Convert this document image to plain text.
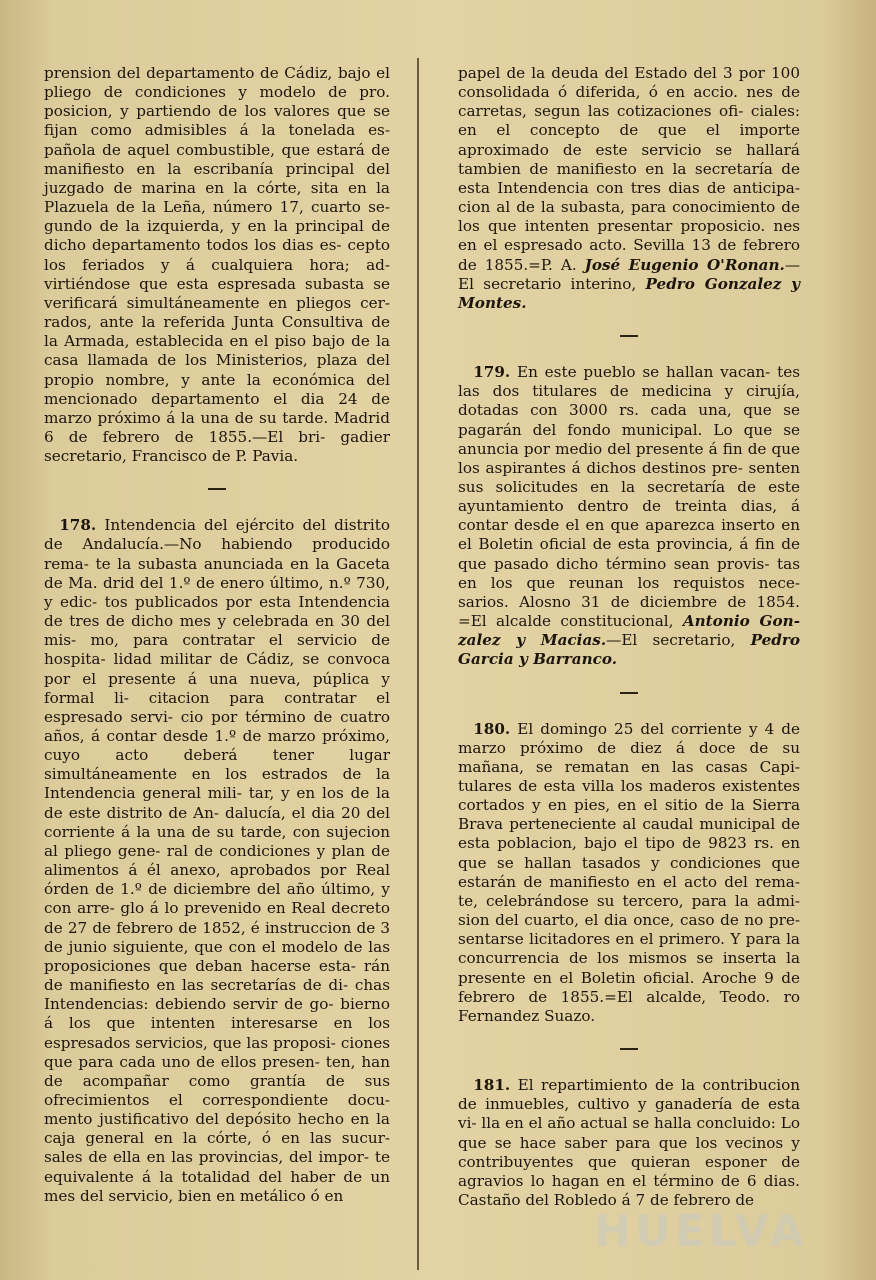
prension del departamento de Cádiz, bajo el pliego de condiciones y modelo de pro. posicion, y partiendo de los valores que se fijan como admisibles á la tonelada es- pañola de aquel combustible, que estará de manifiesto en la escribanía principal del juzgado de marina en la córte, sita en la Plazuela de la Leña, número 17, cuarto se- gundo de la izquierda, y en la principal de dicho departamento todos los dias es- cepto los feriados y á cualquiera hora; ad- virtiéndose que esta espresada subasta se verificará simultáneamente en pliegos cer- rados, ante la referida Junta Consultiva de la Armada, establecida en el piso bajo de la casa llamada de los Ministerios, plaza del propio nombre, y ante la económica del mencionado departamento el dia 24 de marzo próximo á la una de su tarde. Madrid 6 de febrero de 1855.—El bri- gadier secretario, Francisco de P. Pavia.

 178. Intendencia del ejército del distrito de Andalucía.—No habiendo producido rema- te la subasta anunciada en la Gaceta de Ma. drid del 1.º de enero último, n.º 730, y edic- tos publicados por esta Intendencia de tres de dicho mes y celebrada en 30 del mis- mo, para contratar el servicio de hospita- lidad militar de Cádiz, se convoca por el presente á una nueva, púplica y formal li- citacion para contratar el espresado servi- cio por término de cuatro años, á contar desde 1.º de marzo próximo, cuyo acto deberá tener lugar simultáneamente en los estrados de la Intendencia general mili- tar, y en los de la de este distrito de An- dalucía, el dia 20 del corriente á la una de su tarde, con sujecion al pliego gene- ral de condiciones y plan de alimentos á él anexo, aprobados por Real órden de 1.º de diciembre del año último, y con arre- glo á lo prevenido en Real decreto de 27 de febrero de 1852, é instruccion de 3 de junio siguiente, que con el modelo de las proposiciones que deban hacerse esta- rán de manifiesto en las secretarías de di- chas Intendencias: debiendo servir de go- bierno á los que intenten interesarse en los espresados servicios, que las proposi- ciones que para cada uno de ellos presen- ten, han de acompañar como grantía de sus ofrecimientos el correspondiente docu- mento justificativo del depósito hecho en la caja general en la córte, ó en las sucur- sales de ella en las provincias, del impor- te equivalente á la totalidad del haber de un mes del servicio, bien en metálico ó en

papel de la deuda del Estado del 3 por 100 consolidada ó diferida, ó en accio. nes de carretas, segun las cotizaciones ofi- ciales: en el concepto de que el importe aproximado de este servicio se hallará tambien de manifiesto en la secretaría de esta Intendencia con tres dias de anticipa- cion al de la subasta, para conocimiento de los que intenten presentar proposicio. nes en el espresado acto. Sevilla 13 de febrero de 1855.=P. A. José Eugenio O'Ronan.—El secretario interino, Pedro Gonzalez y Montes.

 179. En este pueblo se hallan vacan- tes las dos titulares de medicina y cirujía, dotadas con 3000 rs. cada una, que se pagarán del fondo municipal. Lo que se anuncia por medio del presente á fin de que los aspirantes á dichos destinos pre- senten sus solicitudes en la secretaría de este ayuntamiento dentro de treinta dias, á contar desde el en que aparezca inserto en el Boletin oficial de esta provincia, á fin de que pasado dicho término sean provis- tas en los que reunan los requistos nece- sarios. Alosno 31 de diciembre de 1854. =El alcalde constitucional, Antonio Gon- zalez y Macias.—El secretario, Pedro Garcia y Barranco.

 180. El domingo 25 del corriente y 4 de marzo próximo de diez á doce de su mañana, se rematan en las casas Capi- tulares de esta villa los maderos existentes cortados y en pies, en el sitio de la Sierra Brava perteneciente al caudal municipal de esta poblacion, bajo el tipo de 9823 rs. en que se hallan tasados y condiciones que estarán de manifiesto en el acto del rema- te, celebrándose su tercero, para la admi- sion del cuarto, el dia once, caso de no pre- sentarse licitadores en el primero. Y para la concurrencia de los mismos se inserta la presente en el Boletin oficial. Aroche 9 de febrero de 1855.=El alcalde, Teodo. ro Fernandez Suazo.

 181. El repartimiento de la contribucion de inmuebles, cultivo y ganadería de esta vi- lla en el año actual se halla concluido: Lo que se hace saber para que los vecinos y contribuyentes que quieran esponer de agravios lo hagan en el término de 6 dias. Castaño del Robledo á 7 de febrero de

HUELVA
